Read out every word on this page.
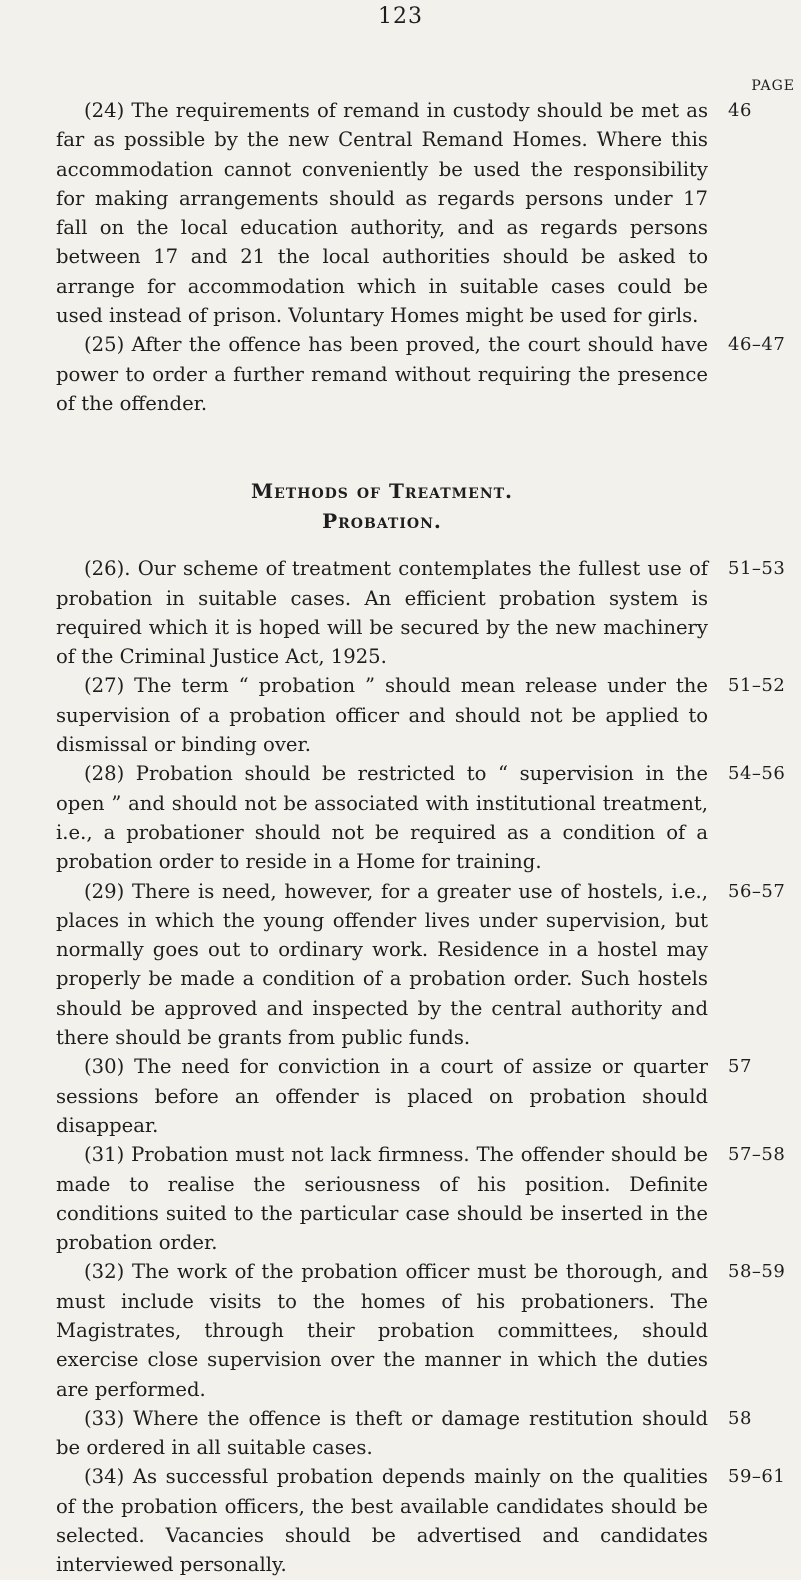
123
PAGE

(24) The requirements of remand in custody should be met as far as possible by the new Central Remand Homes. Where this accommodation cannot conveniently be used the responsibility for making arrangements should as regards persons under 17 fall on the local education authority, and as regards persons between 17 and 21 the local authorities should be asked to arrange for accommodation which in suitable cases could be used instead of prison. Voluntary Homes might be used for girls.
46

(25) After the offence has been proved, the court should have power to order a further remand without requiring the presence of the offender.
46–47

Methods of Treatment.
Probation.

(26). Our scheme of treatment contemplates the fullest use of probation in suitable cases. An efficient probation system is required which it is hoped will be secured by the new machinery of the Criminal Justice Act, 1925.
51–53

(27) The term “ probation ” should mean release under the supervision of a probation officer and should not be applied to dismissal or binding over.
51–52

(28) Probation should be restricted to “ supervision in the open ” and should not be associated with institutional treatment, i.e., a probationer should not be required as a condition of a probation order to reside in a Home for training.
54–56

(29) There is need, however, for a greater use of hostels, i.e., places in which the young offender lives under supervision, but normally goes out to ordinary work. Residence in a hostel may properly be made a condition of a probation order. Such hostels should be approved and inspected by the central authority and there should be grants from public funds.
56–57

(30) The need for conviction in a court of assize or quarter sessions before an offender is placed on probation should disappear.
57

(31) Probation must not lack firmness. The offender should be made to realise the seriousness of his position. Definite conditions suited to the particular case should be inserted in the probation order.
57–58

(32) The work of the probation officer must be thorough, and must include visits to the homes of his probationers. The Magistrates, through their probation committees, should exercise close supervision over the manner in which the duties are performed.
58–59

(33) Where the offence is theft or damage restitution should be ordered in all suitable cases.
58

(34) As successful probation depends mainly on the qualities of the probation officers, the best available candidates should be selected. Vacancies should be advertised and candidates interviewed personally.
59–61
